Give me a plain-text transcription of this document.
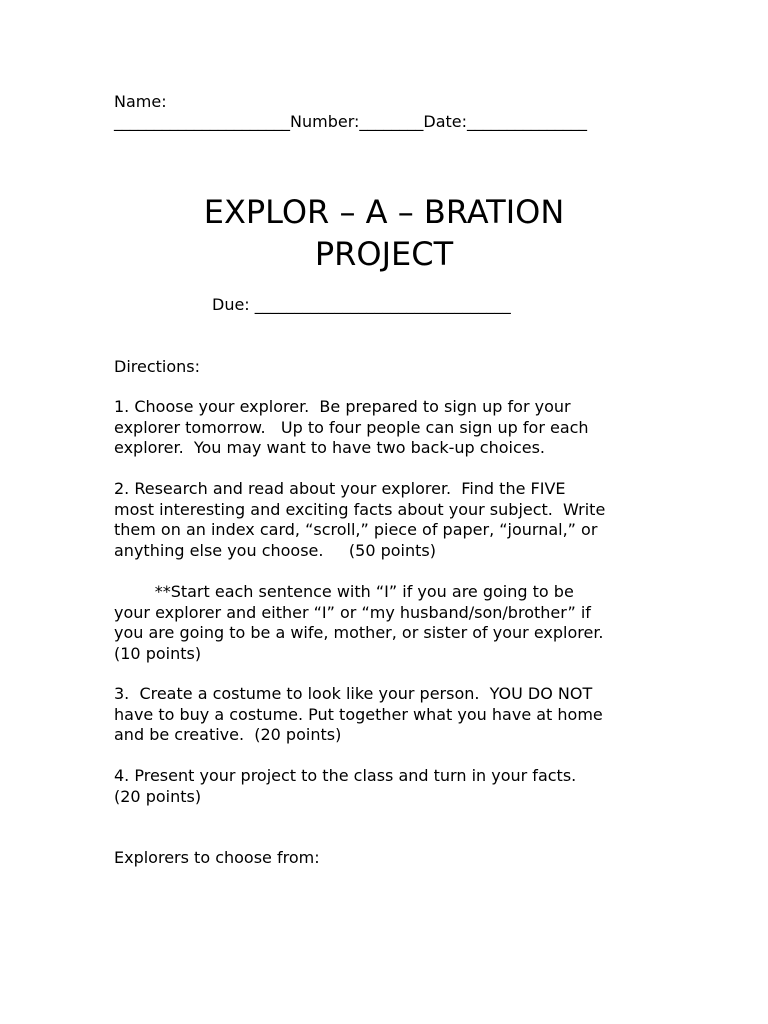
Name:

______________________Number:________Date:_______________

EXPLOR – A – BRATION
PROJECT
Due: ________________________________

Directions:

1. Choose your explorer.  Be prepared to sign up for your
explorer tomorrow.   Up to four people can sign up for each
explorer.  You may want to have two back-up choices.
2. Research and read about your explorer.  Find the FIVE
most interesting and exciting facts about your subject.  Write
them on an index card, “scroll,” piece of paper, “journal,” or
anything else you choose.     (50 points)
**Start each sentence with “I” if you are going to be
your explorer and either “I” or “my husband/son/brother” if
you are going to be a wife, mother, or sister of your explorer.
(10 points)
3.  Create a costume to look like your person.  YOU DO NOT
have to buy a costume. Put together what you have at home
and be creative.  (20 points)
4. Present your project to the class and turn in your facts.
(20 points)

Explorers to choose from:
